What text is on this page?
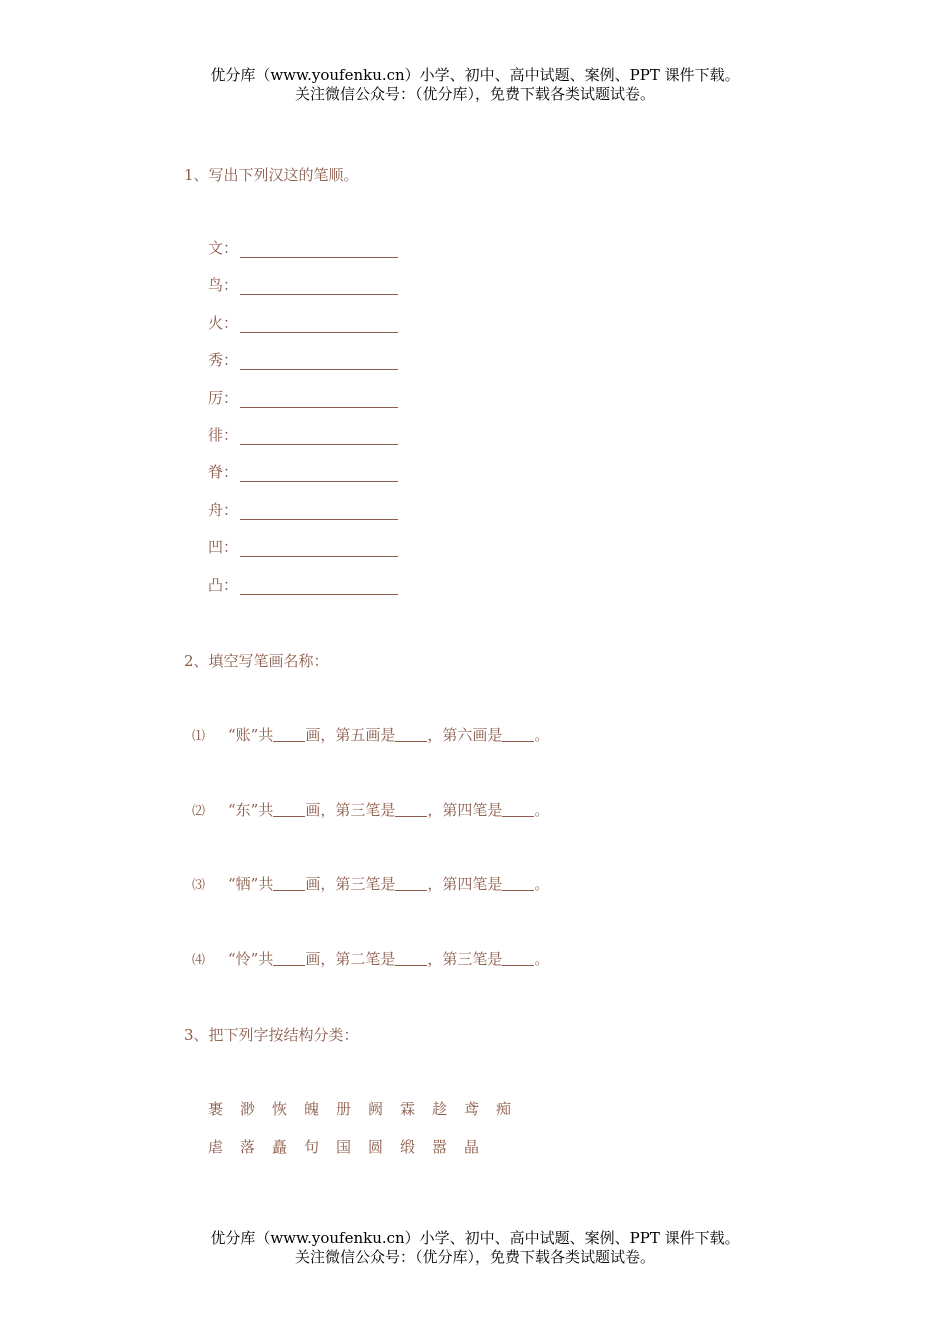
优分库（www.youfenku.cn）小学、初中、高中试题、案例、PPT 课件下载。
关注微信公众号：（优分库），免费下载各类试题试卷。
1、写出下列汉这的笔顺。
文：
鸟：
火：
秀：
厉：
徘：
脊：
舟：
凹：
凸：
2、填空写笔画名称：
⑴ “账”共 画，第五画是 ，第六画是 。
⑵ “东”共 画，第三笔是 ，第四笔是 。
⑶ “牺”共 画，第三笔是 ，第四笔是 。
⑷ “怜”共 画，第二笔是 ，第三笔是 。
3、把下列字按结构分类：
裹 渺 恢 魄 册 阙 霖 趁 鸢 痴
虐 落 矗 句 国 圆 缎 嚣 晶
优分库（www.youfenku.cn）小学、初中、高中试题、案例、PPT 课件下载。
关注微信公众号：（优分库），免费下载各类试题试卷。
